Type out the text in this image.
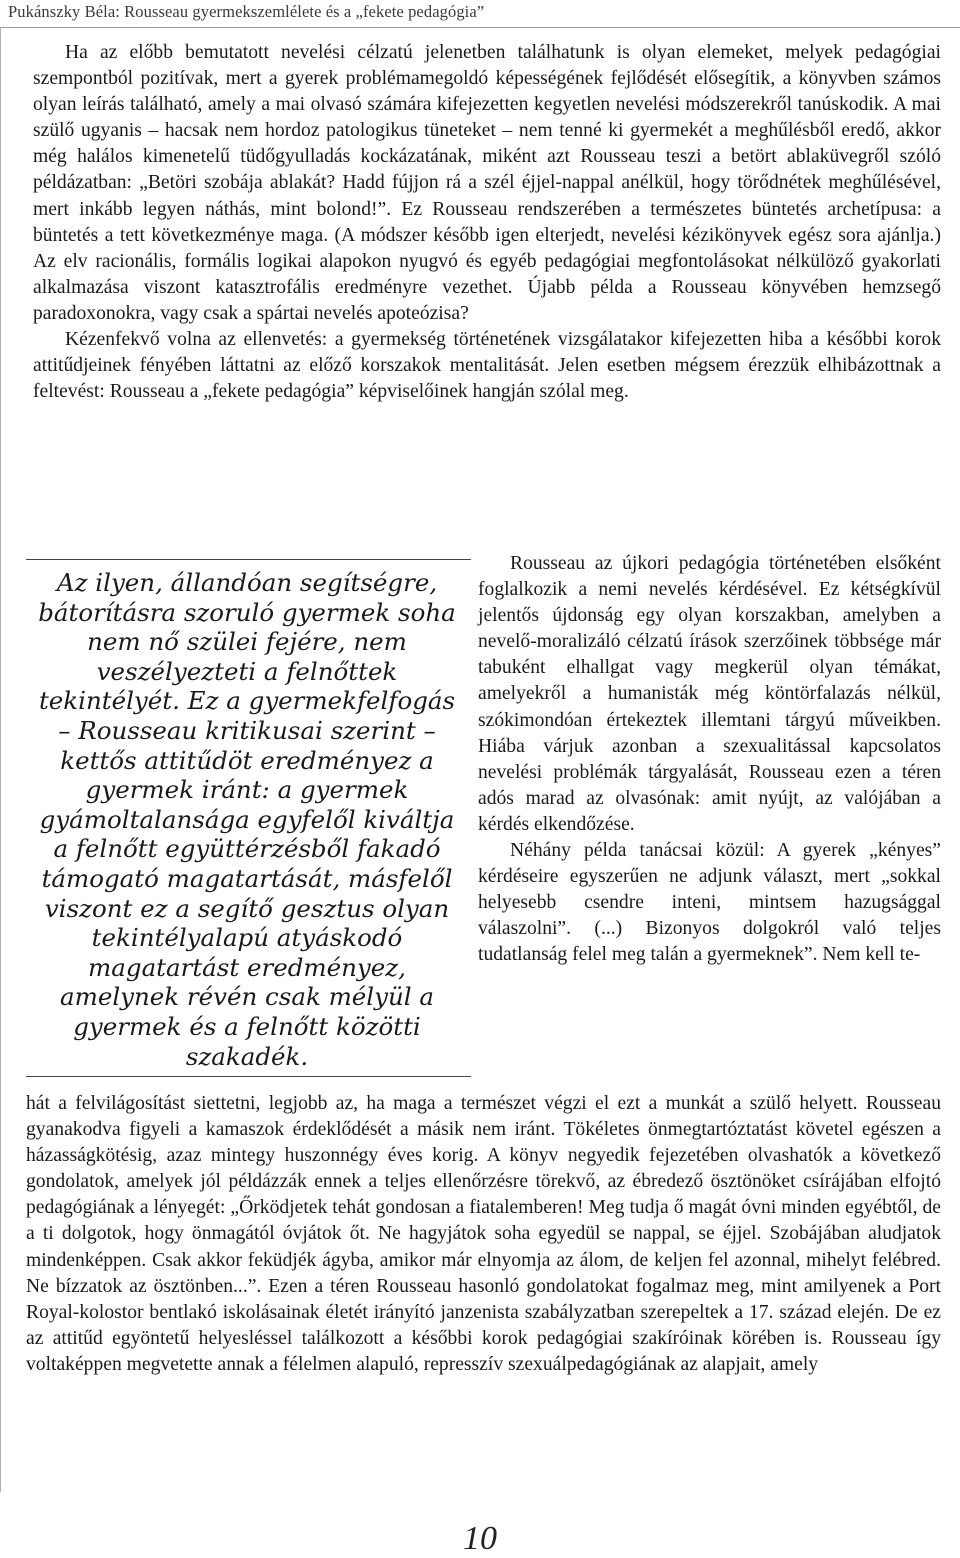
Pukánszky Béla: Rousseau gyermekszemlélete és a „fekete pedagógia”

Ha az előbb bemutatott nevelési célzatú jelenetben találhatunk is olyan elemeket, melyek pedagógiai szempontból pozitívak, mert a gyerek problémamegoldó képességének fejlődését elősegítik, a könyvben számos olyan leírás található, amely a mai olvasó számára kifejezetten kegyetlen nevelési módszerekről tanúskodik. A mai szülő ugyanis – hacsak nem hordoz patologikus tüneteket – nem tenné ki gyermekét a meghűlésből eredő, akkor még halálos kimenetelű tüdőgyulladás kockázatának, miként azt Rousseau teszi a betört ablaküvegről szóló példázatban: „Betöri szobája ablakát? Hadd fújjon rá a szél éjjel-nappal anélkül, hogy törődnétek meghűlésével, mert inkább legyen náthás, mint bolond!”. Ez Rousseau rendszerében a természetes büntetés archetípusa: a büntetés a tett következménye maga. (A módszer később igen elterjedt, nevelési kézikönyvek egész sora ajánlja.) Az elv racionális, formális logikai alapokon nyugvó és egyéb pedagógiai megfontolásokat nélkülöző gyakorlati alkalmazása viszont katasztrofális eredményre vezethet. Újabb példa a Rousseau könyvében hemzsegő paradoxonokra, vagy csak a spártai nevelés apoteózisa?

Kézenfekvő volna az ellenvetés: a gyermekség történetének vizsgálatakor kifejezetten hiba a későbbi korok attitűdjeinek fényében láttatni az előző korszakok mentalitását. Jelen esetben mégsem érezzük elhibázottnak a feltevést: Rousseau a „fekete pedagógia” képviselőinek hangján szólal meg.

Az ilyen, állandóan segítségre, bátorításra szoruló gyermek soha nem nő szülei fejére, nem veszélyezteti a felnőttek tekintélyét. Ez a gyermekfelfogás – Rousseau kritikusai szerint – kettős attitűdöt eredményez a gyermek iránt: a gyermek gyámoltalansága egyfelől kiváltja a felnőtt együttérzésből fakadó támogató magatartását, másfelől viszont ez a segítő gesztus olyan tekintélyalapú atyáskodó magatartást eredményez, amelynek révén csak mélyül a gyermek és a felnőtt közötti szakadék.

Rousseau az újkori pedagógia történetében elsőként foglalkozik a nemi nevelés kérdésével. Ez kétségkívül jelentős újdonság egy olyan korszakban, amelyben a nevelő-moralizáló célzatú írások szerzőinek többsége már tabuként elhallgat vagy megkerül olyan témákat, amelyekről a humanisták még köntörfalazás nélkül, szókimondóan értekeztek illemtani tárgyú műveikben. Hiába várjuk azonban a szexualitással kapcsolatos nevelési problémák tárgyalását, Rousseau ezen a téren adós marad az olvasónak: amit nyújt, az valójában a kérdés elkendőzése.

Néhány példa tanácsai közül: A gyerek „kényes” kérdéseire egyszerűen ne adjunk választ, mert „sokkal helyesebb csendre inteni, mintsem hazugsággal válaszolni”. (...) Bizonyos dolgokról való teljes tudatlanság felel meg talán a gyermeknek”. Nem kell te-

hát a felvilágosítást siettetni, legjobb az, ha maga a természet végzi el ezt a munkát a szülő helyett. Rousseau gyanakodva figyeli a kamaszok érdeklődését a másik nem iránt. Tökéletes önmegtartóztatást követel egészen a házasságkötésig, azaz mintegy huszonnégy éves korig. A könyv negyedik fejezetében olvashatók a következő gondolatok, amelyek jól példázzák ennek a teljes ellenőrzésre törekvő, az ébredező ösztönöket csírájában elfojtó pedagógiának a lényegét: „Őrködjetek tehát gondosan a fiatalemberen! Meg tudja ő magát óvni minden egyébtől, de a ti dolgotok, hogy önmagától óvjátok őt. Ne hagyjátok soha egyedül se nappal, se éjjel. Szobájában aludjatok mindenképpen. Csak akkor feküdjék ágyba, amikor már elnyomja az álom, de keljen fel azonnal, mihelyt felébred. Ne bízzatok az ösztönben...”. Ezen a téren Rousseau hasonló gondolatokat fogalmaz meg, mint amilyenek a Port Royal-kolostor bentlakó iskolásainak életét irányító janzenista szabályzatban szerepeltek a 17. század elején. De ez az attitűd egyöntetű helyesléssel találkozott a későbbi korok pedagógiai szakíróinak körében is. Rousseau így voltaképpen megvetette annak a félelmen alapuló, represszív szexuálpedagógiának az alapjait, amely

10
